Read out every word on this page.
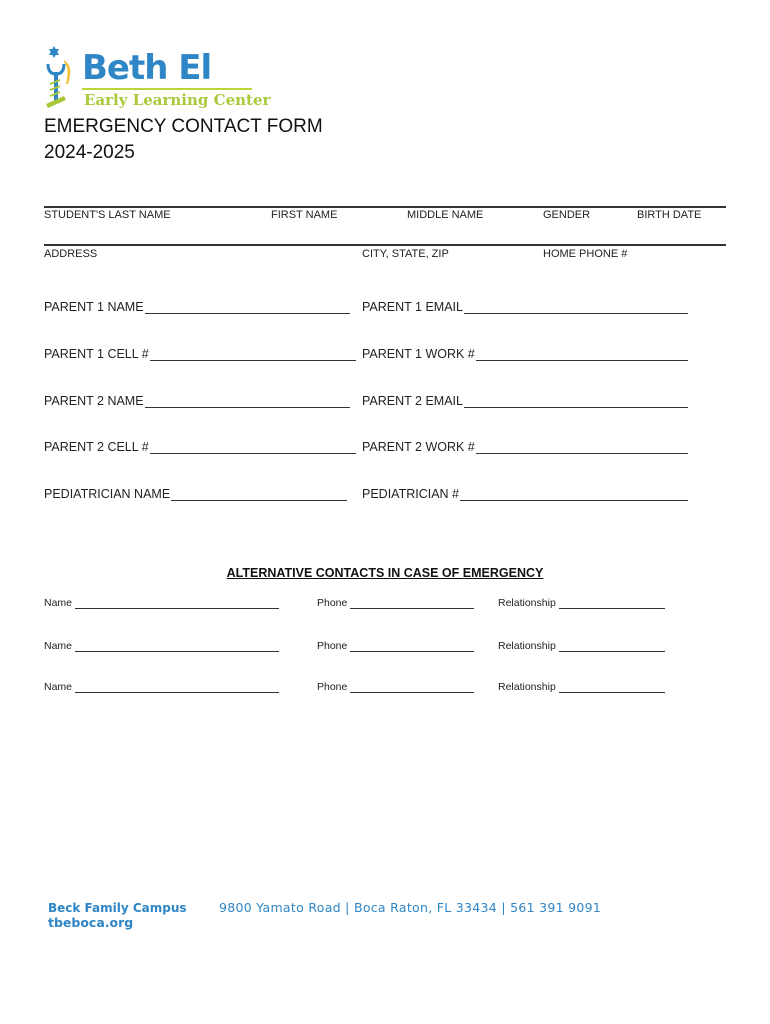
Beth El
Early Learning Center
EMERGENCY CONTACT FORM
2024-2025
STUDENT'S LAST NAME	FIRST NAME	MIDDLE NAME	GENDER	BIRTH DATE
ADDRESS	CITY, STATE, ZIP	HOME PHONE #
PARENT 1 NAME	PARENT 1 EMAIL
PARENT 1 CELL #	PARENT 1 WORK #
PARENT 2 NAME	PARENT 2 EMAIL
PARENT 2 CELL #	PARENT 2 WORK #
PEDIATRICIAN NAME	PEDIATRICIAN #
ALTERNATIVE CONTACTS IN CASE OF EMERGENCY
Name	Phone	Relationship
Name	Phone	Relationship
Name	Phone	Relationship
Beck Family Campus
tbeboca.org
9800 Yamato Road | Boca Raton, FL 33434 | 561 391 9091
